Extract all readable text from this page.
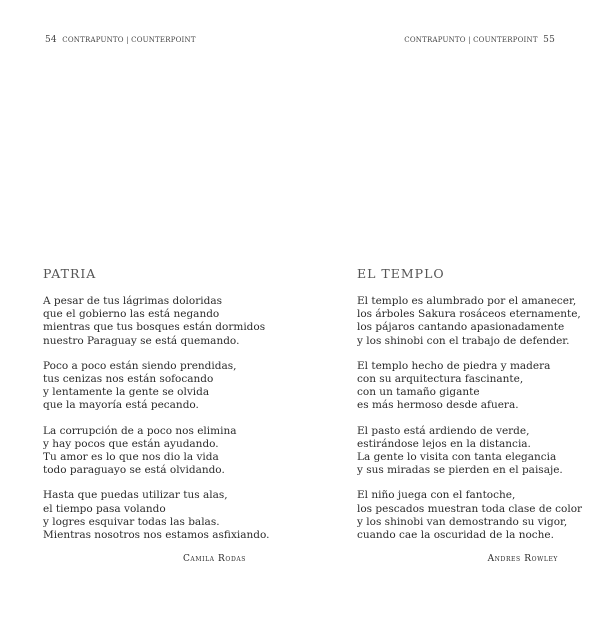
54 CONTRAPUNTO | COUNTERPOINT	CONTRAPUNTO | COUNTERPOINT 55
PATRIA
A pesar de tus lágrimas doloridas
que el gobierno las está negando
mientras que tus bosques están dormidos
nuestro Paraguay se está quemando.
Poco a poco están siendo prendidas,
tus cenizas nos están sofocando
y lentamente la gente se olvida
que la mayoría está pecando.
La corrupción de a poco nos elimina
y hay pocos que están ayudando.
Tu amor es lo que nos dio la vida
todo paraguayo se está olvidando.
Hasta que puedas utilizar tus alas,
el tiempo pasa volando
y logres esquivar todas las balas.
Mientras nosotros nos estamos asfixiando.
Camila Rodas
EL TEMPLO
El templo es alumbrado por el amanecer,
los árboles Sakura rosáceos eternamente,
los pájaros cantando apasionadamente
y los shinobi con el trabajo de defender.
El templo hecho de piedra y madera
con su arquitectura fascinante,
con un tamaño gigante
es más hermoso desde afuera.
El pasto está ardiendo de verde,
estirándose lejos en la distancia.
La gente lo visita con tanta elegancia
y sus miradas se pierden en el paisaje.
El niño juega con el fantoche,
los pescados muestran toda clase de color
y los shinobi van demostrando su vigor,
cuando cae la oscuridad de la noche.
Andres Rowley
